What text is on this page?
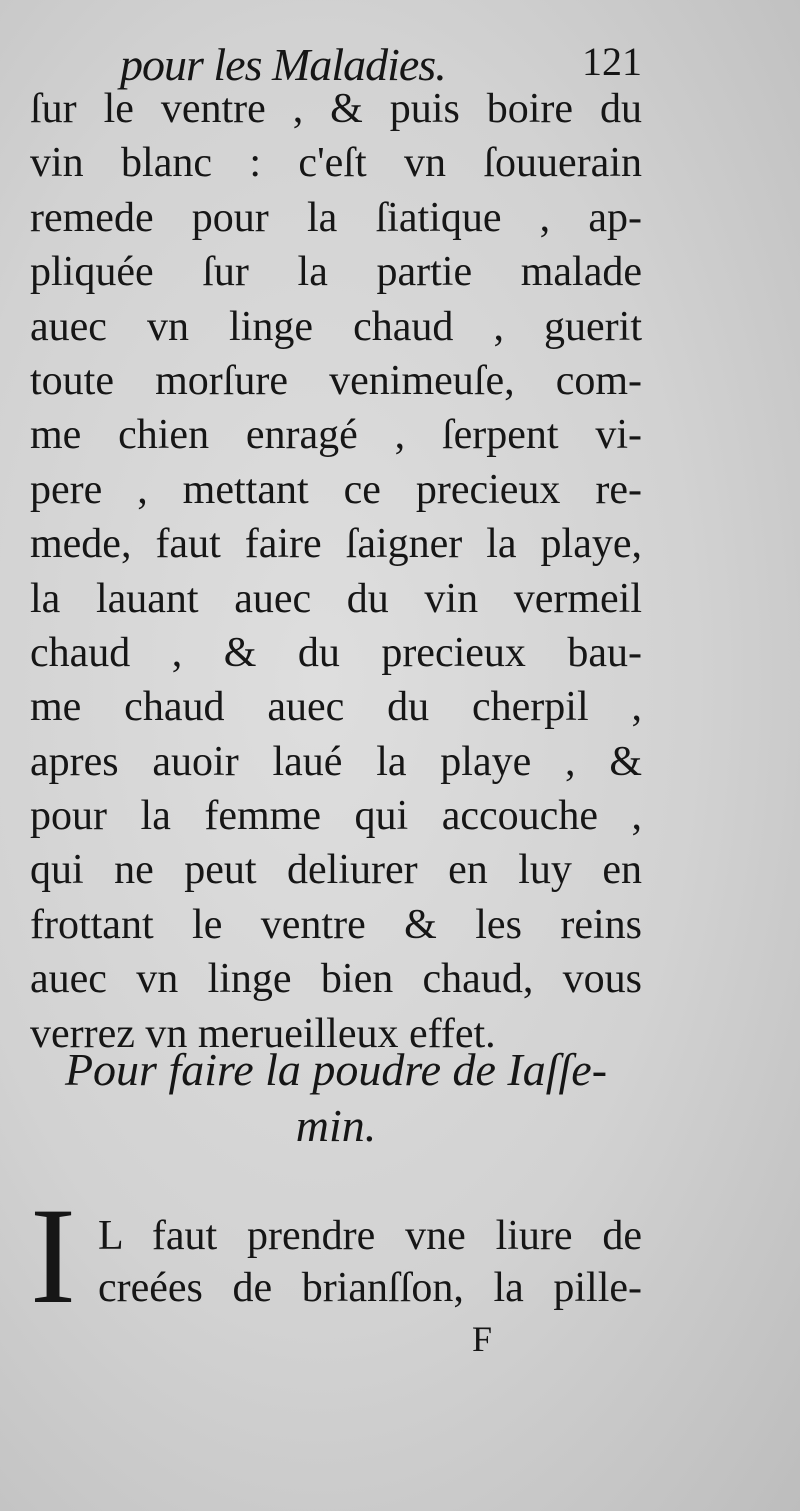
pour les Maladies.	121
ſur le ventre , & puis boire du
vin blanc : c'eſt vn ſouuerain
remede pour la ſiatique , ap-
pliquée ſur la partie malade
auec vn linge chaud , guerit
toute morſure venimeuſe, com-
me chien enragé , ſerpent vi-
pere , mettant ce precieux re-
mede, faut faire ſaigner la playe,
la lauant auec du vin vermeil
chaud , & du precieux bau-
me chaud auec du cherpil ,
apres auoir laué la playe , &
pour la femme qui accouche ,
qui ne peut deliurer en luy en
frottant le ventre & les reins
auec vn linge bien chaud, vous
verrez vn merueilleux effet.
Pour faire la poudre de Iaſſe-
min.
I L faut prendre vne liure de
creées de brianſſon, la pille-
F
